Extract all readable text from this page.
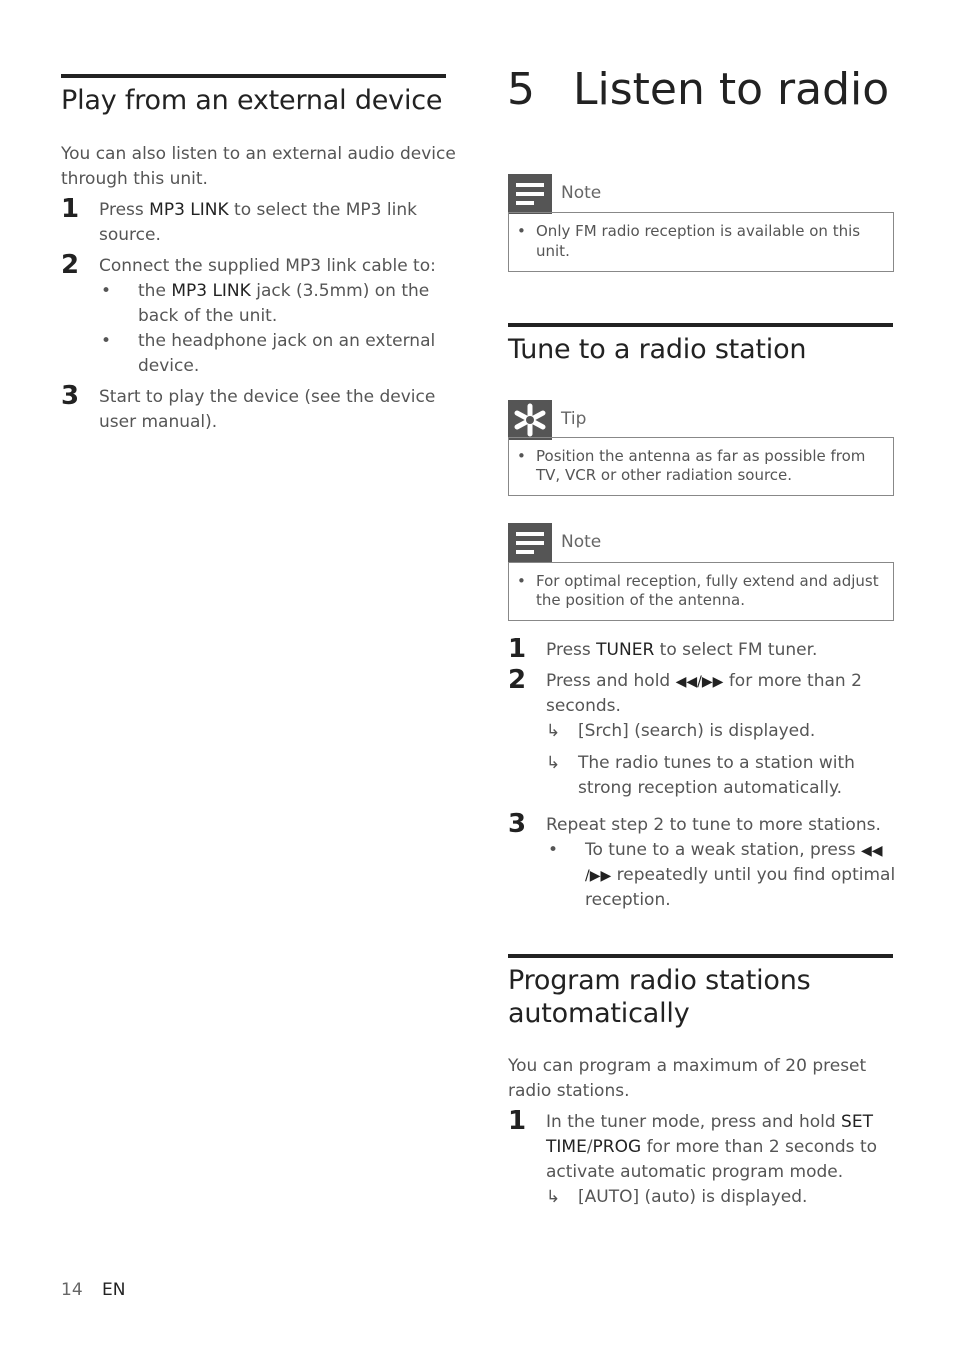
Play from an external device
You can also listen to an external audio device
through this unit.
1 Press MP3 LINK to select the MP3 link
source.
2 Connect the supplied MP3 link cable to:
• the MP3 LINK jack (3.5mm) on the
back of the unit.
• the headphone jack on an external
device.
3 Start to play the device (see the device
user manual).
5 Listen to radio
Note
• Only FM radio reception is available on this
unit.
Tune to a radio station
Tip
• Position the antenna as far as possible from
TV, VCR or other radiation source.
Note
• For optimal reception, fully extend and adjust
the position of the antenna.
1 Press TUNER to select FM tuner.
2 Press and hold ◀◀/▶▶ for more than 2
seconds.
↳ [Srch] (search) is displayed.
↳ The radio tunes to a station with
strong reception automatically.
3 Repeat step 2 to tune to more stations.
• To tune to a weak station, press ◀◀
/▶▶ repeatedly until you find optimal
reception.
Program radio stations
automatically
You can program a maximum of 20 preset
radio stations.
1 In the tuner mode, press and hold SET
TIME/PROG for more than 2 seconds to
activate automatic program mode.
↳ [AUTO] (auto) is displayed.
14 EN
